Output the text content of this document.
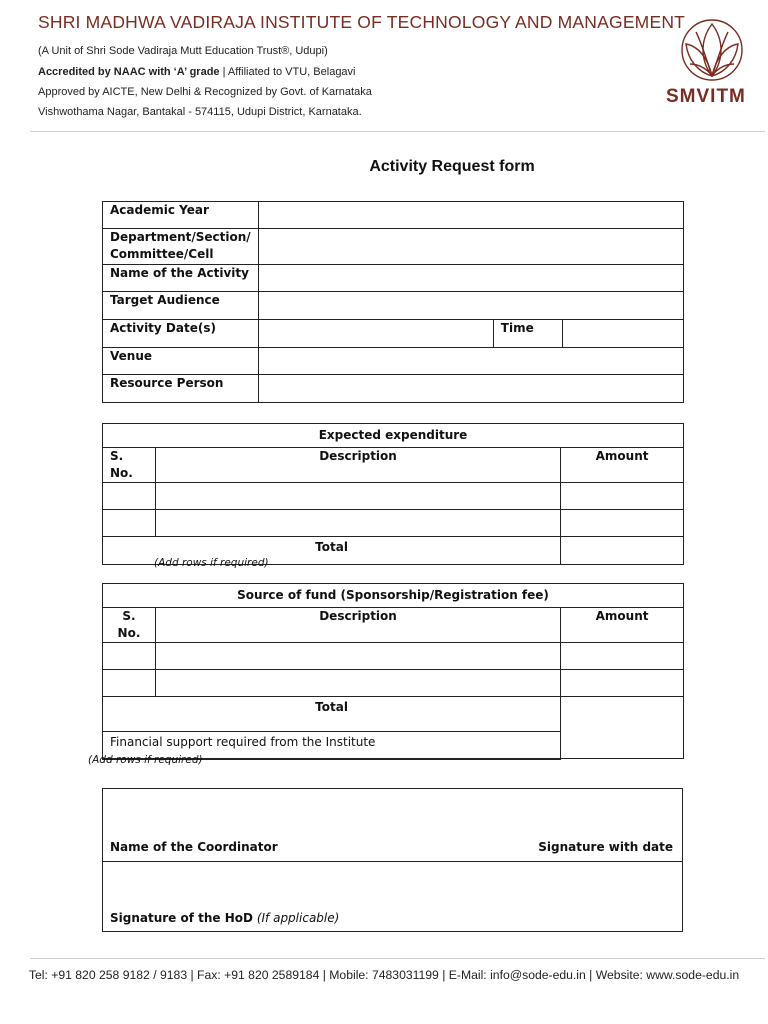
SHRI MADHWA VADIRAJA INSTITUTE OF TECHNOLOGY AND MANAGEMENT
(A Unit of Shri Sode Vadiraja Mutt Education Trust®, Udupi)
Accredited by NAAC with ‘A’ grade | Affiliated to VTU, Belagavi
Approved by AICTE, New Delhi & Recognized by Govt. of Karnataka
Vishwothama Nagar, Bantakal - 574115, Udupi District, Karnataka.
SMVITM
Activity Request form
Academic Year			
Department/Section/
Committee/Cell			
Name of the Activity			
Target Audience			
Activity Date(s)		Time	
Venue			
Resource Person			
Expected expenditure		
S. No.	Description	Amount

Total		
(Add rows if required)
Source of fund (Sponsorship/Registration fee)		
S. No.	Description	Amount

Total		
Financial support required from the Institute		
(Add rows if required)
Name of the Coordinator	Signature with date
Signature of the HoD (If applicable)
Tel: +91 820 258 9182 / 9183 | Fax: +91 820 2589184 | Mobile: 7483031199 | E-Mail: info@sode-edu.in | Website: www.sode-edu.in
